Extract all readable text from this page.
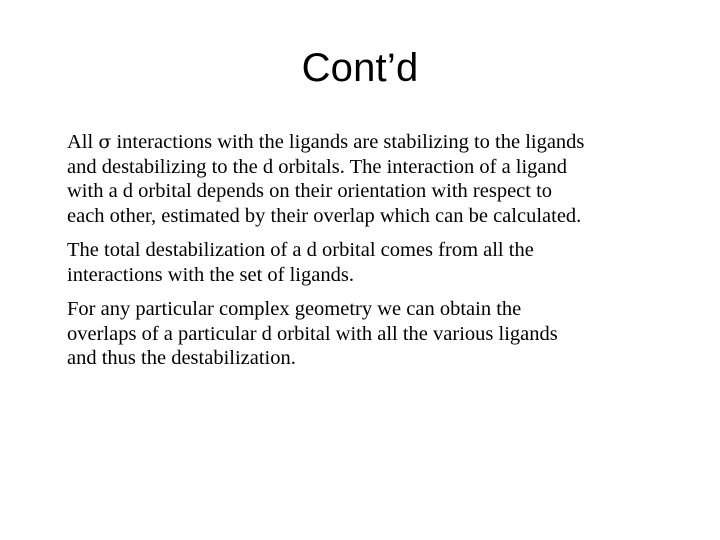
Cont’d

All σ interactions with the ligands are stabilizing to the ligands
and destabilizing to the d orbitals. The interaction of a ligand
with a d orbital depends on their orientation with respect to
each other, estimated by their overlap which can be calculated.

The total destabilization of a d orbital comes from all the
interactions with the set of ligands.

For any particular complex geometry we can obtain the
overlaps of a particular d orbital with all the various ligands
and thus the destabilization.
